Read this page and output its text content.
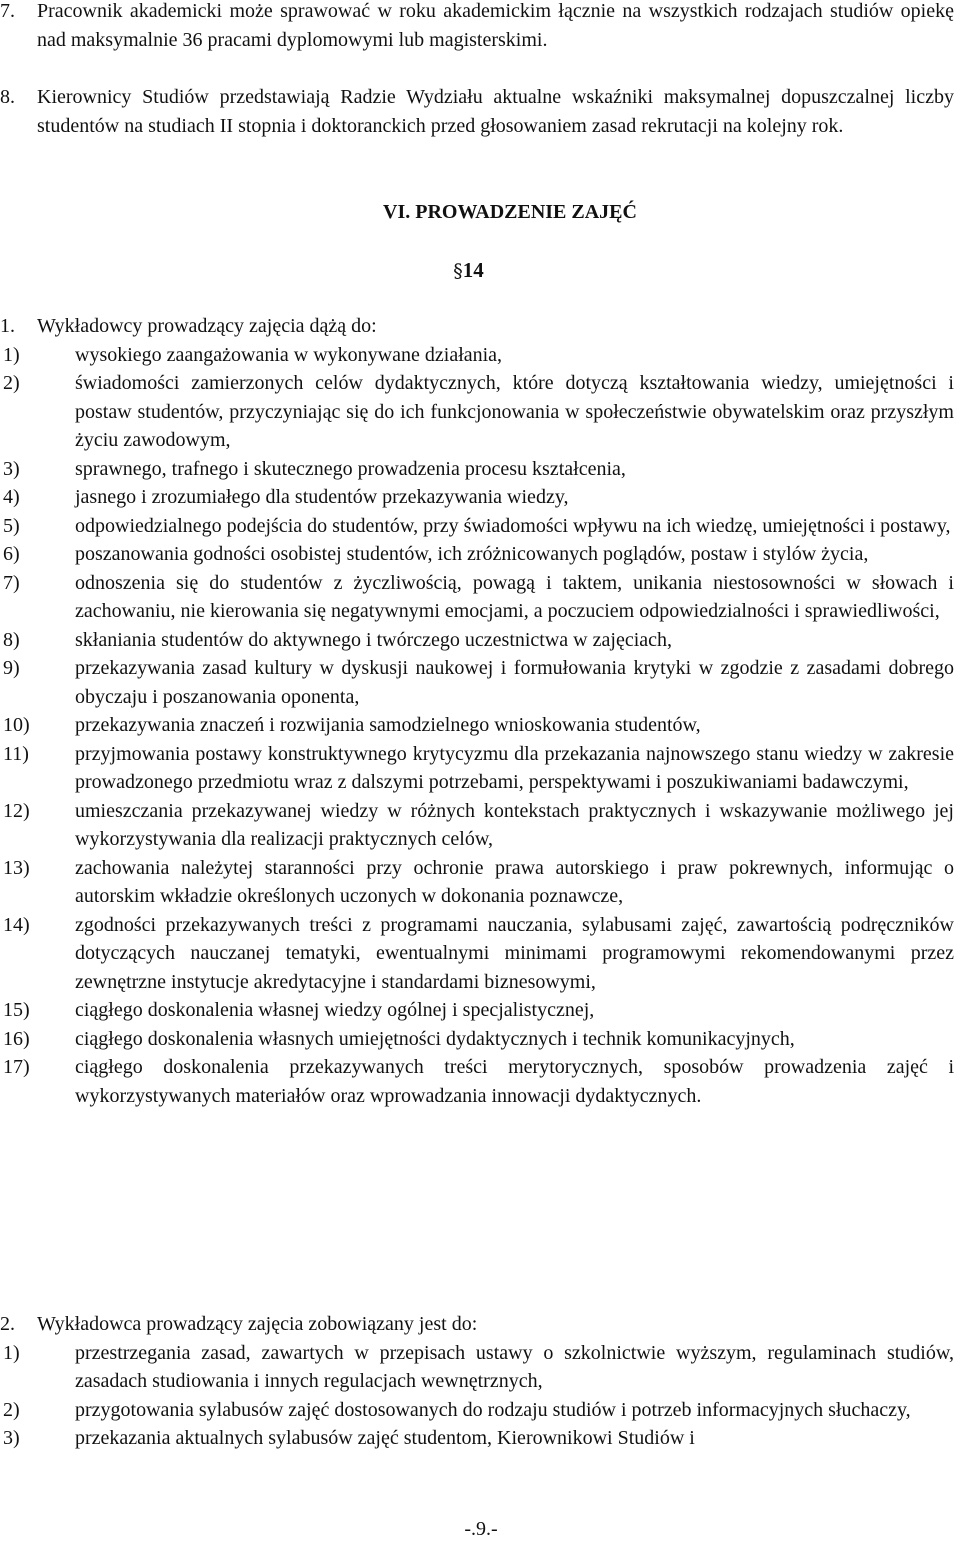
7.	Pracownik akademicki może sprawować w roku akademickim łącznie na wszystkich rodzajach studiów opiekę nad maksymalnie 36 pracami dyplomowymi lub magisterskimi.
8.	Kierownicy Studiów przedstawiają Radzie Wydziału aktualne wskaźniki maksymalnej dopuszczalnej liczby studentów na studiach II stopnia i doktoranckich przed głosowaniem zasad rekrutacji na kolejny rok.
VI. PROWADZENIE ZAJĘĆ
§14
1.	Wykładowcy prowadzący zajęcia dążą do:
1)	wysokiego zaangażowania w wykonywane działania,
2)	świadomości zamierzonych celów dydaktycznych, które dotyczą kształtowania wiedzy, umiejętności i postaw studentów, przyczyniając się do ich funkcjonowania w społeczeństwie obywatelskim oraz przyszłym życiu zawodowym,
3)	sprawnego, trafnego i skutecznego prowadzenia procesu kształcenia,
4)	jasnego i zrozumiałego dla studentów przekazywania wiedzy,
5)	odpowiedzialnego podejścia do studentów, przy świadomości wpływu na ich wiedzę, umiejętności i postawy,
6)	poszanowania godności osobistej studentów, ich zróżnicowanych poglądów, postaw i stylów życia,
7)	odnoszenia się do studentów z życzliwością, powagą i taktem, unikania niestosowności w słowach i zachowaniu, nie kierowania się negatywnymi emocjami, a poczuciem odpowiedzialności i sprawiedliwości,
8)	skłaniania studentów do aktywnego i twórczego uczestnictwa w zajęciach,
9)	przekazywania zasad kultury w dyskusji naukowej i formułowania krytyki w zgodzie z zasadami dobrego obyczaju i poszanowania oponenta,
10)	przekazywania znaczeń i rozwijania samodzielnego wnioskowania studentów,
11)	przyjmowania postawy konstruktywnego krytycyzmu dla przekazania najnowszego stanu wiedzy w zakresie prowadzonego przedmiotu wraz z dalszymi potrzebami, perspektywami i poszukiwaniami badawczymi,
12)	umieszczania przekazywanej wiedzy w różnych kontekstach praktycznych i wskazywanie możliwego jej wykorzystywania dla realizacji praktycznych celów,
13)	zachowania należytej staranności przy ochronie prawa autorskiego i praw pokrewnych, informując o autorskim wkładzie określonych uczonych w dokonania poznawcze,
14)	zgodności przekazywanych treści z programami nauczania, sylabusami zajęć, zawartością podręczników dotyczących nauczanej tematyki, ewentualnymi minimami programowymi rekomendowanymi przez zewnętrzne instytucje akredytacyjne i standardami biznesowymi,
15)	ciągłego doskonalenia własnej wiedzy ogólnej i specjalistycznej,
16)	ciągłego doskonalenia własnych umiejętności dydaktycznych i technik komunikacyjnych,
17)	ciągłego doskonalenia przekazywanych treści merytorycznych, sposobów prowadzenia zajęć i wykorzystywanych materiałów oraz wprowadzania innowacji dydaktycznych.
2.	Wykładowca prowadzący zajęcia zobowiązany jest do:
1)	przestrzegania zasad, zawartych w przepisach ustawy o szkolnictwie wyższym, regulaminach studiów, zasadach studiowania i innych regulacjach wewnętrznych,
2)	przygotowania sylabusów zajęć dostosowanych do rodzaju studiów i potrzeb informacyjnych słuchaczy,
3)	przekazania aktualnych sylabusów zajęć studentom, Kierownikowi Studiów i
-.9.-
